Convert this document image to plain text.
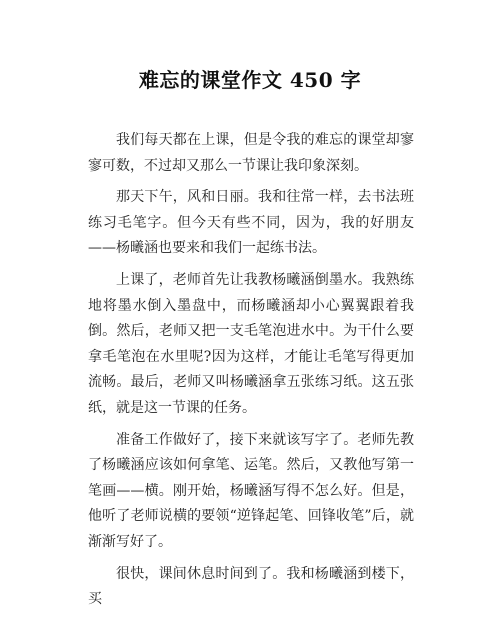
难忘的课堂作文 450 字

我们每天都在上课，但是令我的难忘的课堂却寥寥可数，不过却又那么一节课让我印象深刻。

那天下午，风和日丽。我和往常一样，去书法班练习毛笔字。但今天有些不同，因为，我的好朋友——杨曦涵也要来和我们一起练书法。

上课了，老师首先让我教杨曦涵倒墨水。我熟练地将墨水倒入墨盘中，而杨曦涵却小心翼翼跟着我倒。然后，老师又把一支毛笔泡进水中。为干什么要拿毛笔泡在水里呢?因为这样，才能让毛笔写得更加流畅。最后，老师又叫杨曦涵拿五张练习纸。这五张纸，就是这一节课的任务。

准备工作做好了，接下来就该写字了。老师先教了杨曦涵应该如何拿笔、运笔。然后，又教他写第一笔画——横。刚开始，杨曦涵写得不怎么好。但是，他听了老师说横的要领“逆锋起笔、回锋收笔”后，就渐渐写好了。

很快，课间休息时间到了。我和杨曦涵到楼下，买
